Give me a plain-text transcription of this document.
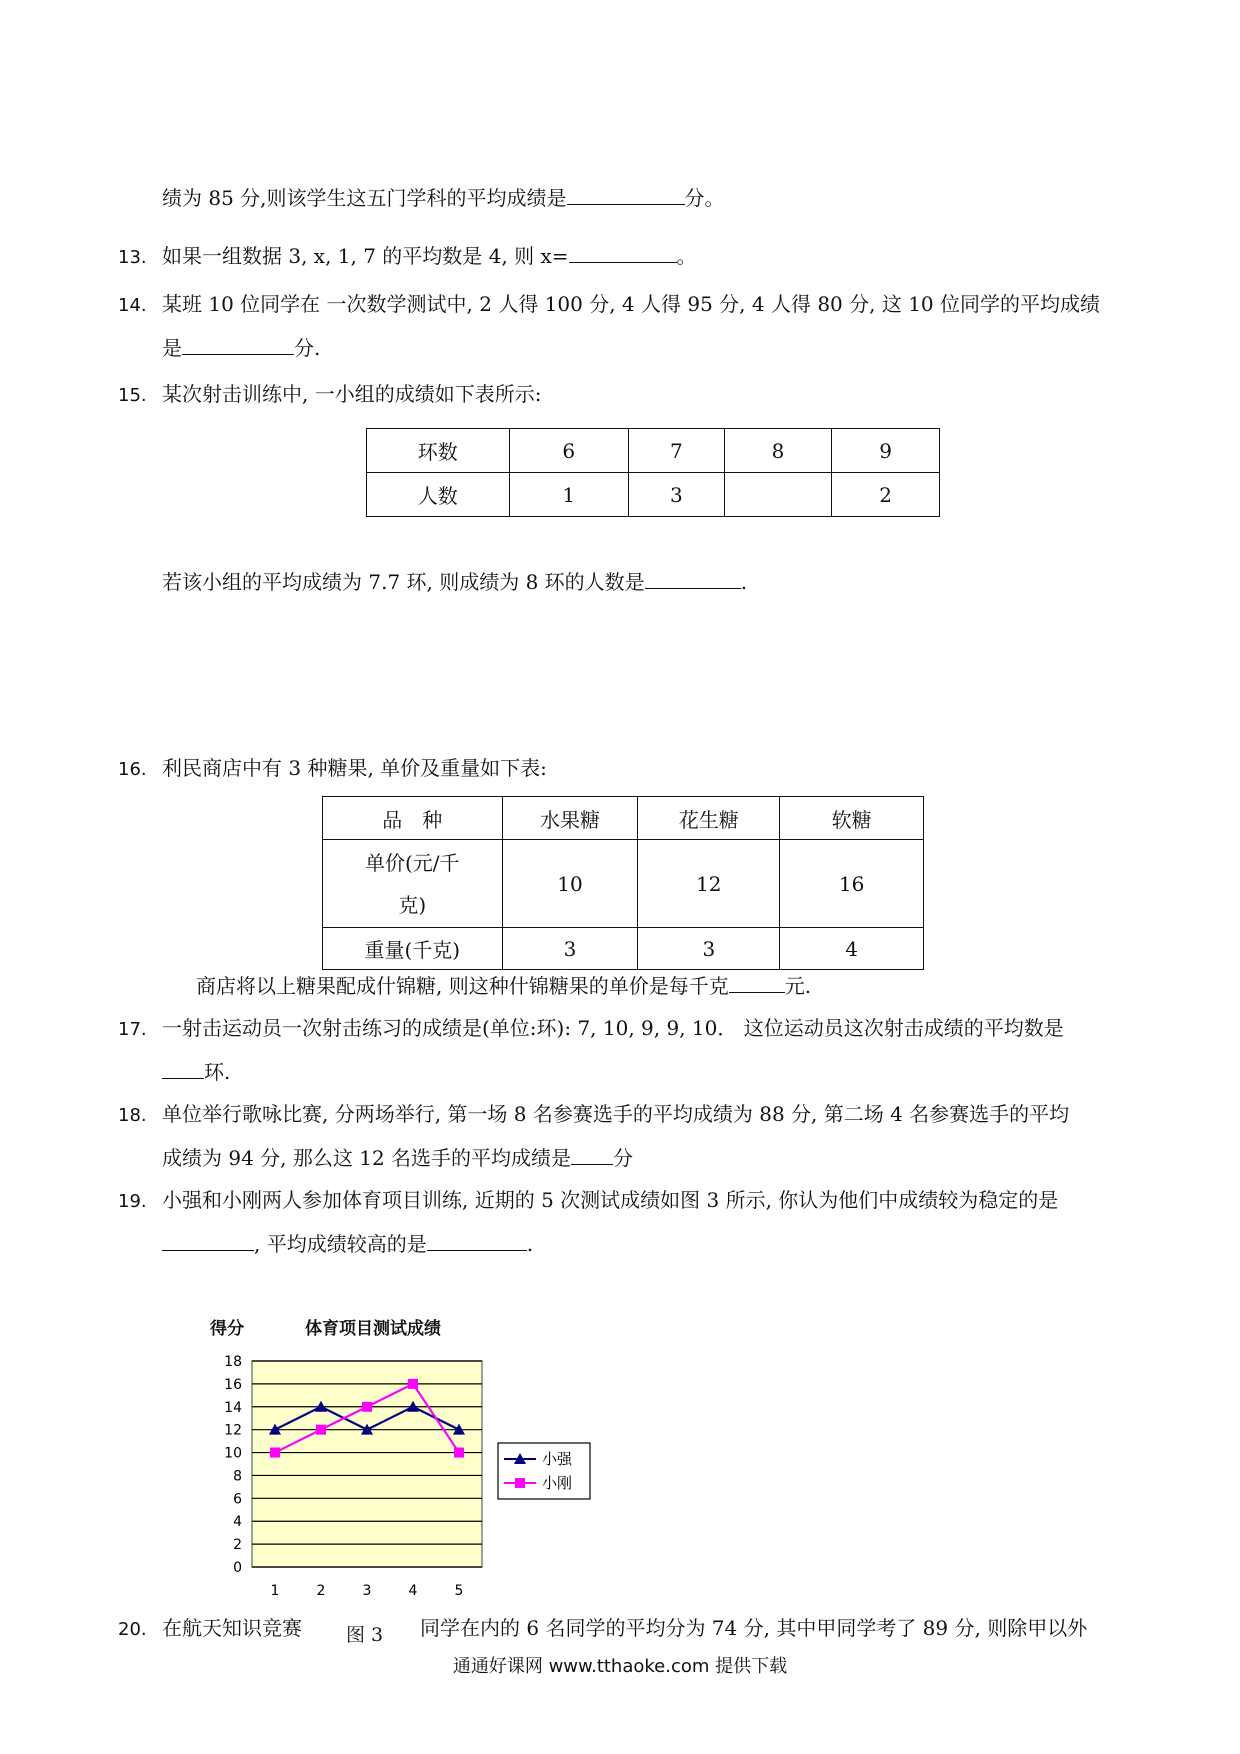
绩为 85 分,则该学生这五门学科的平均成绩是	分。
13. 如果一组数据 3, x, 1, 7 的平均数是 4, 则 x=	。
14. 某班 10 位同学在 一次数学测试中, 2 人得 100 分, 4 人得 95 分, 4 人得 80 分, 这 10 位同学的平均成绩
是	分.
15. 某次射击训练中, 一小组的成绩如下表所示:
环数	6	7	8	9
人数	1	3		2
若该小组的平均成绩为 7.7 环, 则成绩为 8 环的人数是	.
16. 利民商店中有 3 种糖果, 单价及重量如下表:
品　种	水果糖	花生糖	软糖
单价(元/千
克)	10	12	16
重量(千克)	3	3	4
商店将以上糖果配成什锦糖, 则这种什锦糖果的单价是每千克	元.
17. 一射击运动员一次射击练习的成绩是(单位:环): 7, 10, 9, 9, 10． 这位运动员这次射击成绩的平均数是
环.
18. 单位举行歌咏比赛, 分两场举行, 第一场 8 名参赛选手的平均成绩为 88 分, 第二场 4 名参赛选手的平均
成绩为 94 分, 那么这 12 名选手的平均成绩是 分
19. 小强和小刚两人参加体育项目训练, 近期的 5 次测试成绩如图 3 所示, 你认为他们中成绩较为稳定的是
, 平均成绩较高的是	.
得分	体育项目测试成绩
0
2
4
6
8
10
12
14
16
18
1	2	3	4	5
小强
小刚
图 3
20. 在航天知识竞赛	同学在内的 6 名同学的平均分为 74 分, 其中甲同学考了 89 分, 则除甲以外
通通好课网 www.tthaoke.com 提供下载
